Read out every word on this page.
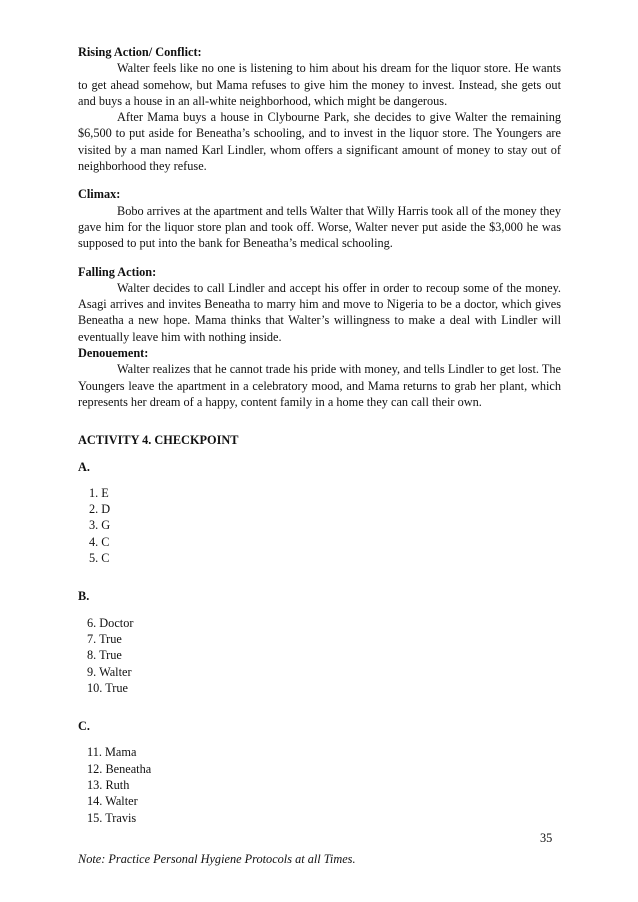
Rising Action/ Conflict:

Walter feels like no one is listening to him about his dream for the liquor store. He wants to get ahead somehow, but Mama refuses to give him the money to invest. Instead, she gets out and buys a house in an all-white neighborhood, which might be dangerous.

After Mama buys a house in Clybourne Park, she decides to give Walter the remaining $6,500 to put aside for Beneatha’s schooling, and to invest in the liquor store. The Youngers are visited by a man named Karl Lindler, whom offers a significant amount of money to stay out of neighborhood they refuse.

Climax:

Bobo arrives at the apartment and tells Walter that Willy Harris took all of the money they gave him for the liquor store plan and took off. Worse, Walter never put aside the $3,000 he was supposed to put into the bank for Beneatha’s medical schooling.

Falling Action:

Walter decides to call Lindler and accept his offer in order to recoup some of the money. Asagi arrives and invites Beneatha to marry him and move to Nigeria to be a doctor, which gives Beneatha a new hope. Mama thinks that Walter’s willingness to make a deal with Lindler will eventually leave him with nothing inside.

Denouement:

Walter realizes that he cannot trade his pride with money, and tells Lindler to get lost. The Youngers leave the apartment in a celebratory mood, and Mama returns to grab her plant, which represents her dream of a happy, content family in a home they can call their own.

ACTIVITY 4. CHECKPOINT

A.

1. E
2. D
3. G
4. C
5. C

B.

6. Doctor
7. True
8. True
9. Walter
10. True

C.

11. Mama
12. Beneatha
13. Ruth
14. Walter
15. Travis
35
Note: Practice Personal Hygiene Protocols at all Times.
